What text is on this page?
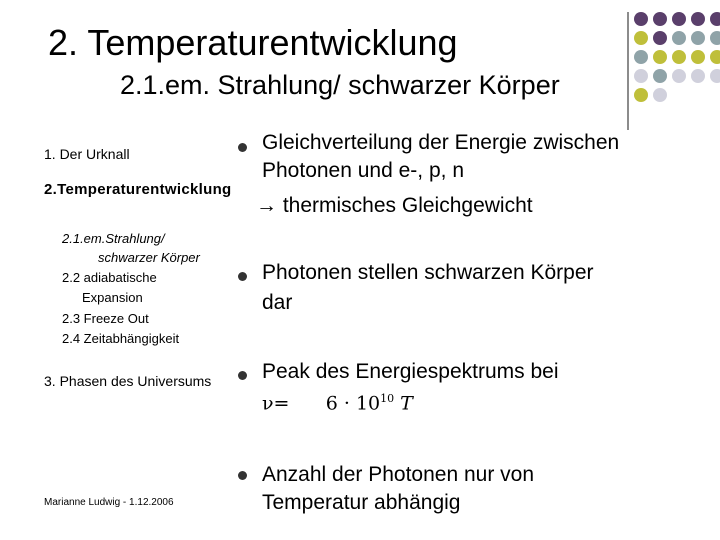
2. Temperaturentwicklung
2.1.em. Strahlung/ schwarzer Körper
1. Der Urknall
2.Temperaturentwicklung
2.1.em.Strahlung/
schwarzer Körper
2.2 adiabatische
Expansion
2.3 Freeze Out
2.4 Zeitabhängigkeit
3. Phasen des Universums
Marianne Ludwig - 1.12.2006
Gleichverteilung der Energie zwischen
Photonen und e-, p, n
→ thermisches Gleichgewicht
Photonen stellen schwarzen Körper
dar
Peak des Energiespektrums bei
$\nu= 6 \cdot 10^{10}$ T
Anzahl der Photonen nur von
Temperatur abhängig
